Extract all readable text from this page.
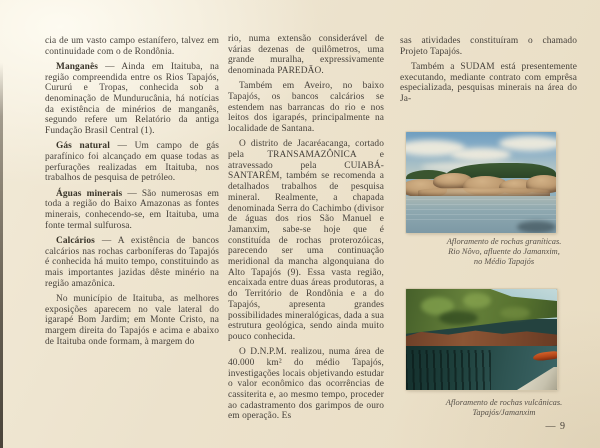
cia de um vasto campo estanífero, talvez em continuidade com o de Rondônia.

Manganês — Ainda em Itaituba, na região compreendida entre os Rios Tapajós, Cururú e Tropas, conhecida sob a denominação de Mundurucânia, há notícias da existência de minérios de manganês, segundo refere um Relatório da antiga Fundação Brasil Central (1).

Gás natural — Um campo de gás parafínico foi alcançado em quase todas as perfurações realizadas em Itaituba, nos trabalhos de pesquisa de petróleo.

Águas minerais — São numerosas em toda a região do Baixo Amazonas as fontes minerais, conhecendo-se, em Itaituba, uma fonte termal sulfurosa.

Calcários — A existência de bancos calcários nas rochas carboníferas do Tapajós é conhecida há muito tempo, constituindo as mais importantes jazidas dêste minério na região amazônica.

No município de Itaituba, as melhores exposições aparecem no vale lateral do igarapé Bom Jardim; em Monte Cristo, na margem direita do Tapajós e acima e abaixo de Itaituba onde formam, à margem do

rio, numa extensão considerável de várias dezenas de quilômetros, uma grande muralha, expressivamente denominada PAREDÃO.

Também em Aveiro, no baixo Tapajós, os bancos calcários se estendem nas barrancas do rio e nos leitos dos igarapés, principalmente na localidade de Santana.

O distrito de Jacaréacanga, cortado pela TRANSAMAZÔNICA e atravessado pela CUIABÁ-SANTARÉM, também se recomenda a detalhados trabalhos de pesquisa mineral. Realmente, a chapada denominada Serra do Cachimbo (divisor de águas dos rios São Manuel e Jamanxim, sabe-se hoje que é constituída de rochas proterozóicas, parecendo ser uma continuação meridional da mancha algonquiana do Alto Tapajós (9). Essa vasta região, encaixada entre duas áreas produtoras, a do Território de Rondônia e a do Tapajós, apresenta grandes possibilidades mineralógicas, dada a sua estrutura geológica, sendo ainda muito pouco conhecida.

O D.N.P.M. realizou, numa área de 40.000 km² do médio Tapajós, investigações locais objetivando estudar o valor econômico das ocorrências de cassiterita e, ao mesmo tempo, proceder ao cadastramento dos garimpos de ouro em operação. Es

sas atividades constituíram o chamado Projeto Tapajós.

Também a SUDAM está presentemente executando, mediante contrato com emprêsa especializada, pesquisas minerais na área do Ja-

Afloramento de rochas graníticas.
Rio Nôvo, afluente do Jamanxim,
no Médio Tapajós
Afloramento de rochas vulcânicas.
Tapajós/Jamanxim
— 9
